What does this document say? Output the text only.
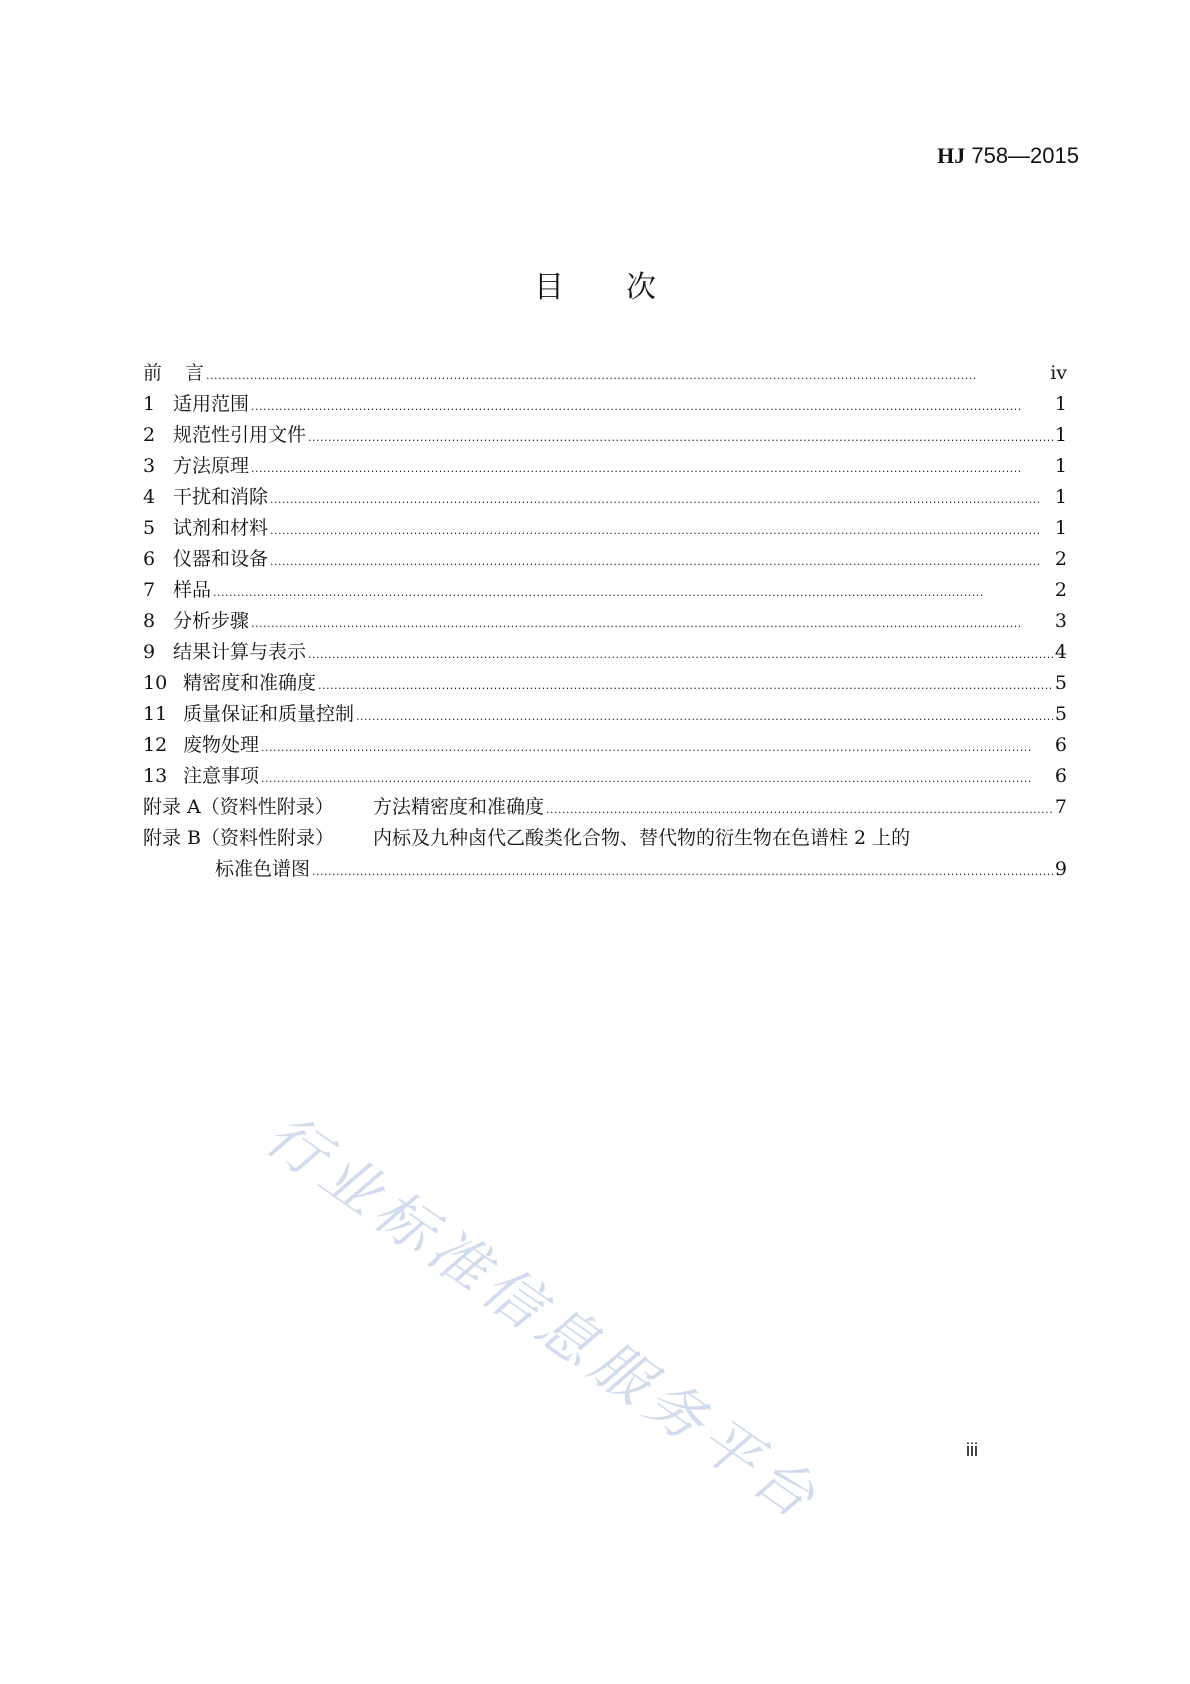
HJ 758—2015
目次
前	言 . . .	iv
1 适用范围 . . .	1
2 规范性引用文件 . . .	1
3 方法原理 . . .	1
4 干扰和消除 . . .	1
5 试剂和材料 . . .	1
6 仪器和设备 . . .	2
7 样品 . . .	2
8 分析步骤 . . .	3
9 结果计算与表示 . . .	4
10 精密度和准确度 . . .	5
11 质量保证和质量控制 . . .	5
12 废物处理 . . .	6
13 注意事项 . . .	6
附录 A（资料性附录）	方法精密度和准确度 . . .	7
附录 B（资料性附录）	内标及九种卤代乙酸类化合物、替代物的衍生物在色谱柱 2 上的
标准色谱图 . . .	9
行业标准信息服务平台	iii
